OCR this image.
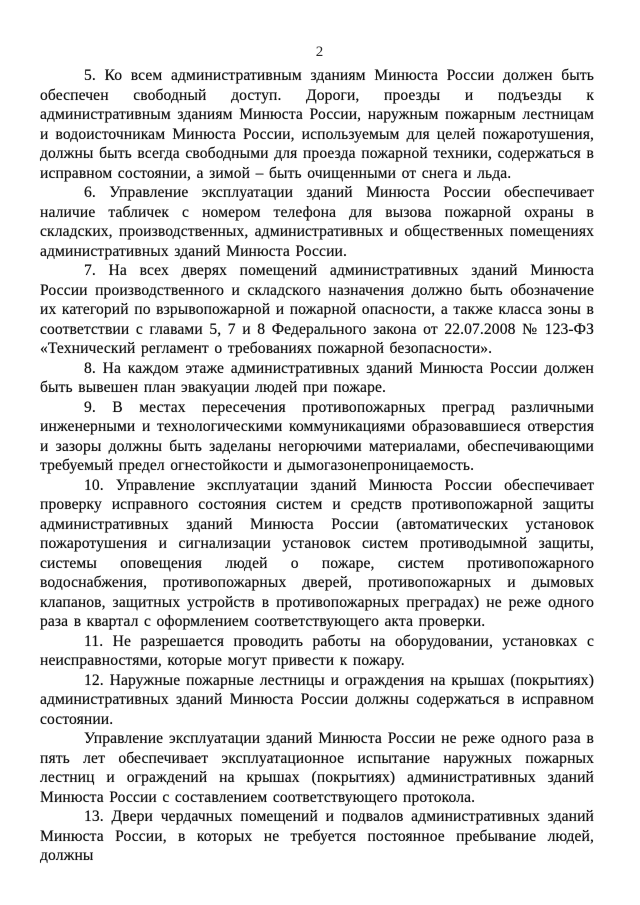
2

5. Ко всем административным зданиям Минюста России должен быть обеспечен свободный доступ. Дороги, проезды и подъезды к административным зданиям Минюста России, наружным пожарным лестницам и водоисточникам Минюста России, используемым для целей пожаротушения, должны быть всегда свободными для проезда пожарной техники, содержаться в исправном состоянии, а зимой – быть очищенными от снега и льда.

6. Управление эксплуатации зданий Минюста России обеспечивает наличие табличек с номером телефона для вызова пожарной охраны в складских, производственных, административных и общественных помещениях административных зданий Минюста России.

7. На всех дверях помещений административных зданий Минюста России производственного и складского назначения должно быть обозначение их категорий по взрывопожарной и пожарной опасности, а также класса зоны в соответствии с главами 5, 7 и 8 Федерального закона от 22.07.2008 № 123-ФЗ «Технический регламент о требованиях пожарной безопасности».

8. На каждом этаже административных зданий Минюста России должен быть вывешен план эвакуации людей при пожаре.

9. В местах пересечения противопожарных преград различными инженерными и технологическими коммуникациями образовавшиеся отверстия и зазоры должны быть заделаны негорючими материалами, обеспечивающими требуемый предел огнестойкости и дымогазонепроницаемость.

10. Управление эксплуатации зданий Минюста России обеспечивает проверку исправного состояния систем и средств противопожарной защиты административных зданий Минюста России (автоматических установок пожаротушения и сигнализации установок систем противодымной защиты, системы оповещения людей о пожаре, систем противопожарного водоснабжения, противопожарных дверей, противопожарных и дымовых клапанов, защитных устройств в противопожарных преградах) не реже одного раза в квартал с оформлением соответствующего акта проверки.

11. Не разрешается проводить работы на оборудовании, установках с неисправностями, которые могут привести к пожару.

12. Наружные пожарные лестницы и ограждения на крышах (покрытиях) административных зданий Минюста России должны содержаться в исправном состоянии.

Управление эксплуатации зданий Минюста России не реже одного раза в пять лет обеспечивает эксплуатационное испытание наружных пожарных лестниц и ограждений на крышах (покрытиях) административных зданий Минюста России с составлением соответствующего протокола.

13. Двери чердачных помещений и подвалов административных зданий Минюста России, в которых не требуется постоянное пребывание людей, должны
